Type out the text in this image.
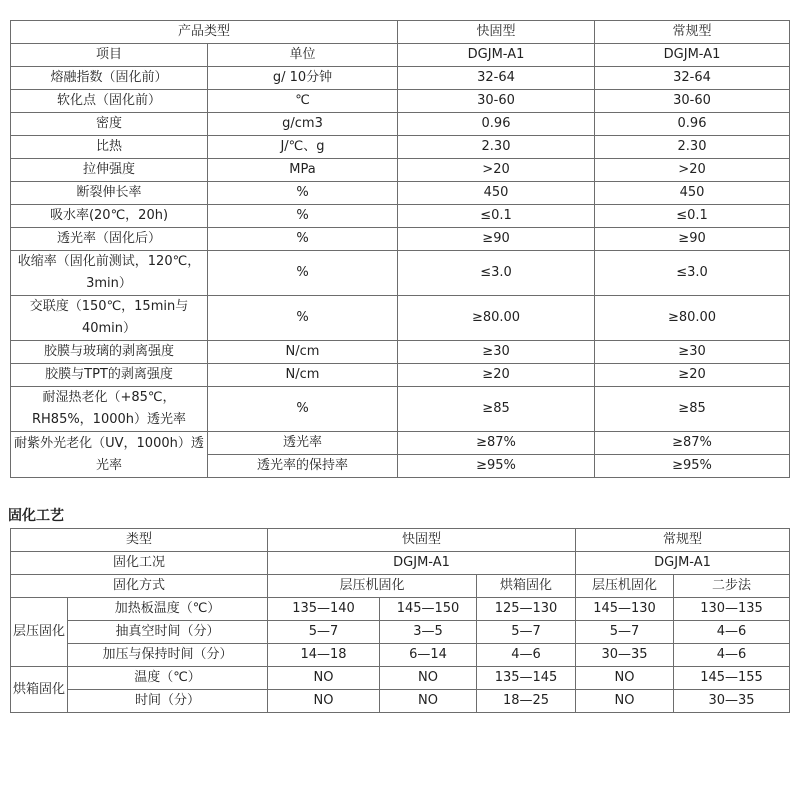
产品类型		快固型	常规型
项目	单位	DGJM-A1	DGJM-A1
熔融指数（固化前）	g/ 10分钟	32-64	32-64
软化点（固化前）	℃	30-60	30-60
密度	g/cm3	0.96	0.96
比热	J/℃、g	2.30	2.30
拉伸强度	MPa	>20	>20
断裂伸长率	%	450	450
吸水率(20℃，20h)	%	≤0.1	≤0.1
透光率（固化后）	%	≥90	≥90
收缩率（固化前测试，120℃，3min）	%	≤3.0	≤3.0
交联度（150℃，15min与40min）	%	≥80.00	≥80.00
胶膜与玻璃的剥离强度	N/cm	≥30	≥30
胶膜与TPT的剥离强度	N/cm	≥20	≥20
耐湿热老化（+85℃，RH85%，1000h）透光率	%	≥85	≥85
耐紫外光老化（UV，1000h）透光率	透光率	≥87%	≥87%
	透光率的保持率	≥95%	≥95%
固化工艺
类型		快固型			常规型	
固化工况		DGJM-A1			DGJM-A1	
固化方式		层压机固化		烘箱固化	层压机固化	二步法
层压固化	加热板温度（℃）	135—140	145—150	125—130	145—130	130—135
	抽真空时间（分）	5—7	3—5	5—7	5—7	4—6
	加压与保持时间（分）	14—18	6—14	4—6	30—35	4—6
烘箱固化	温度（℃）	NO	NO	135—145	NO	145—155
	时间（分）	NO	NO	18—25	NO	30—35
